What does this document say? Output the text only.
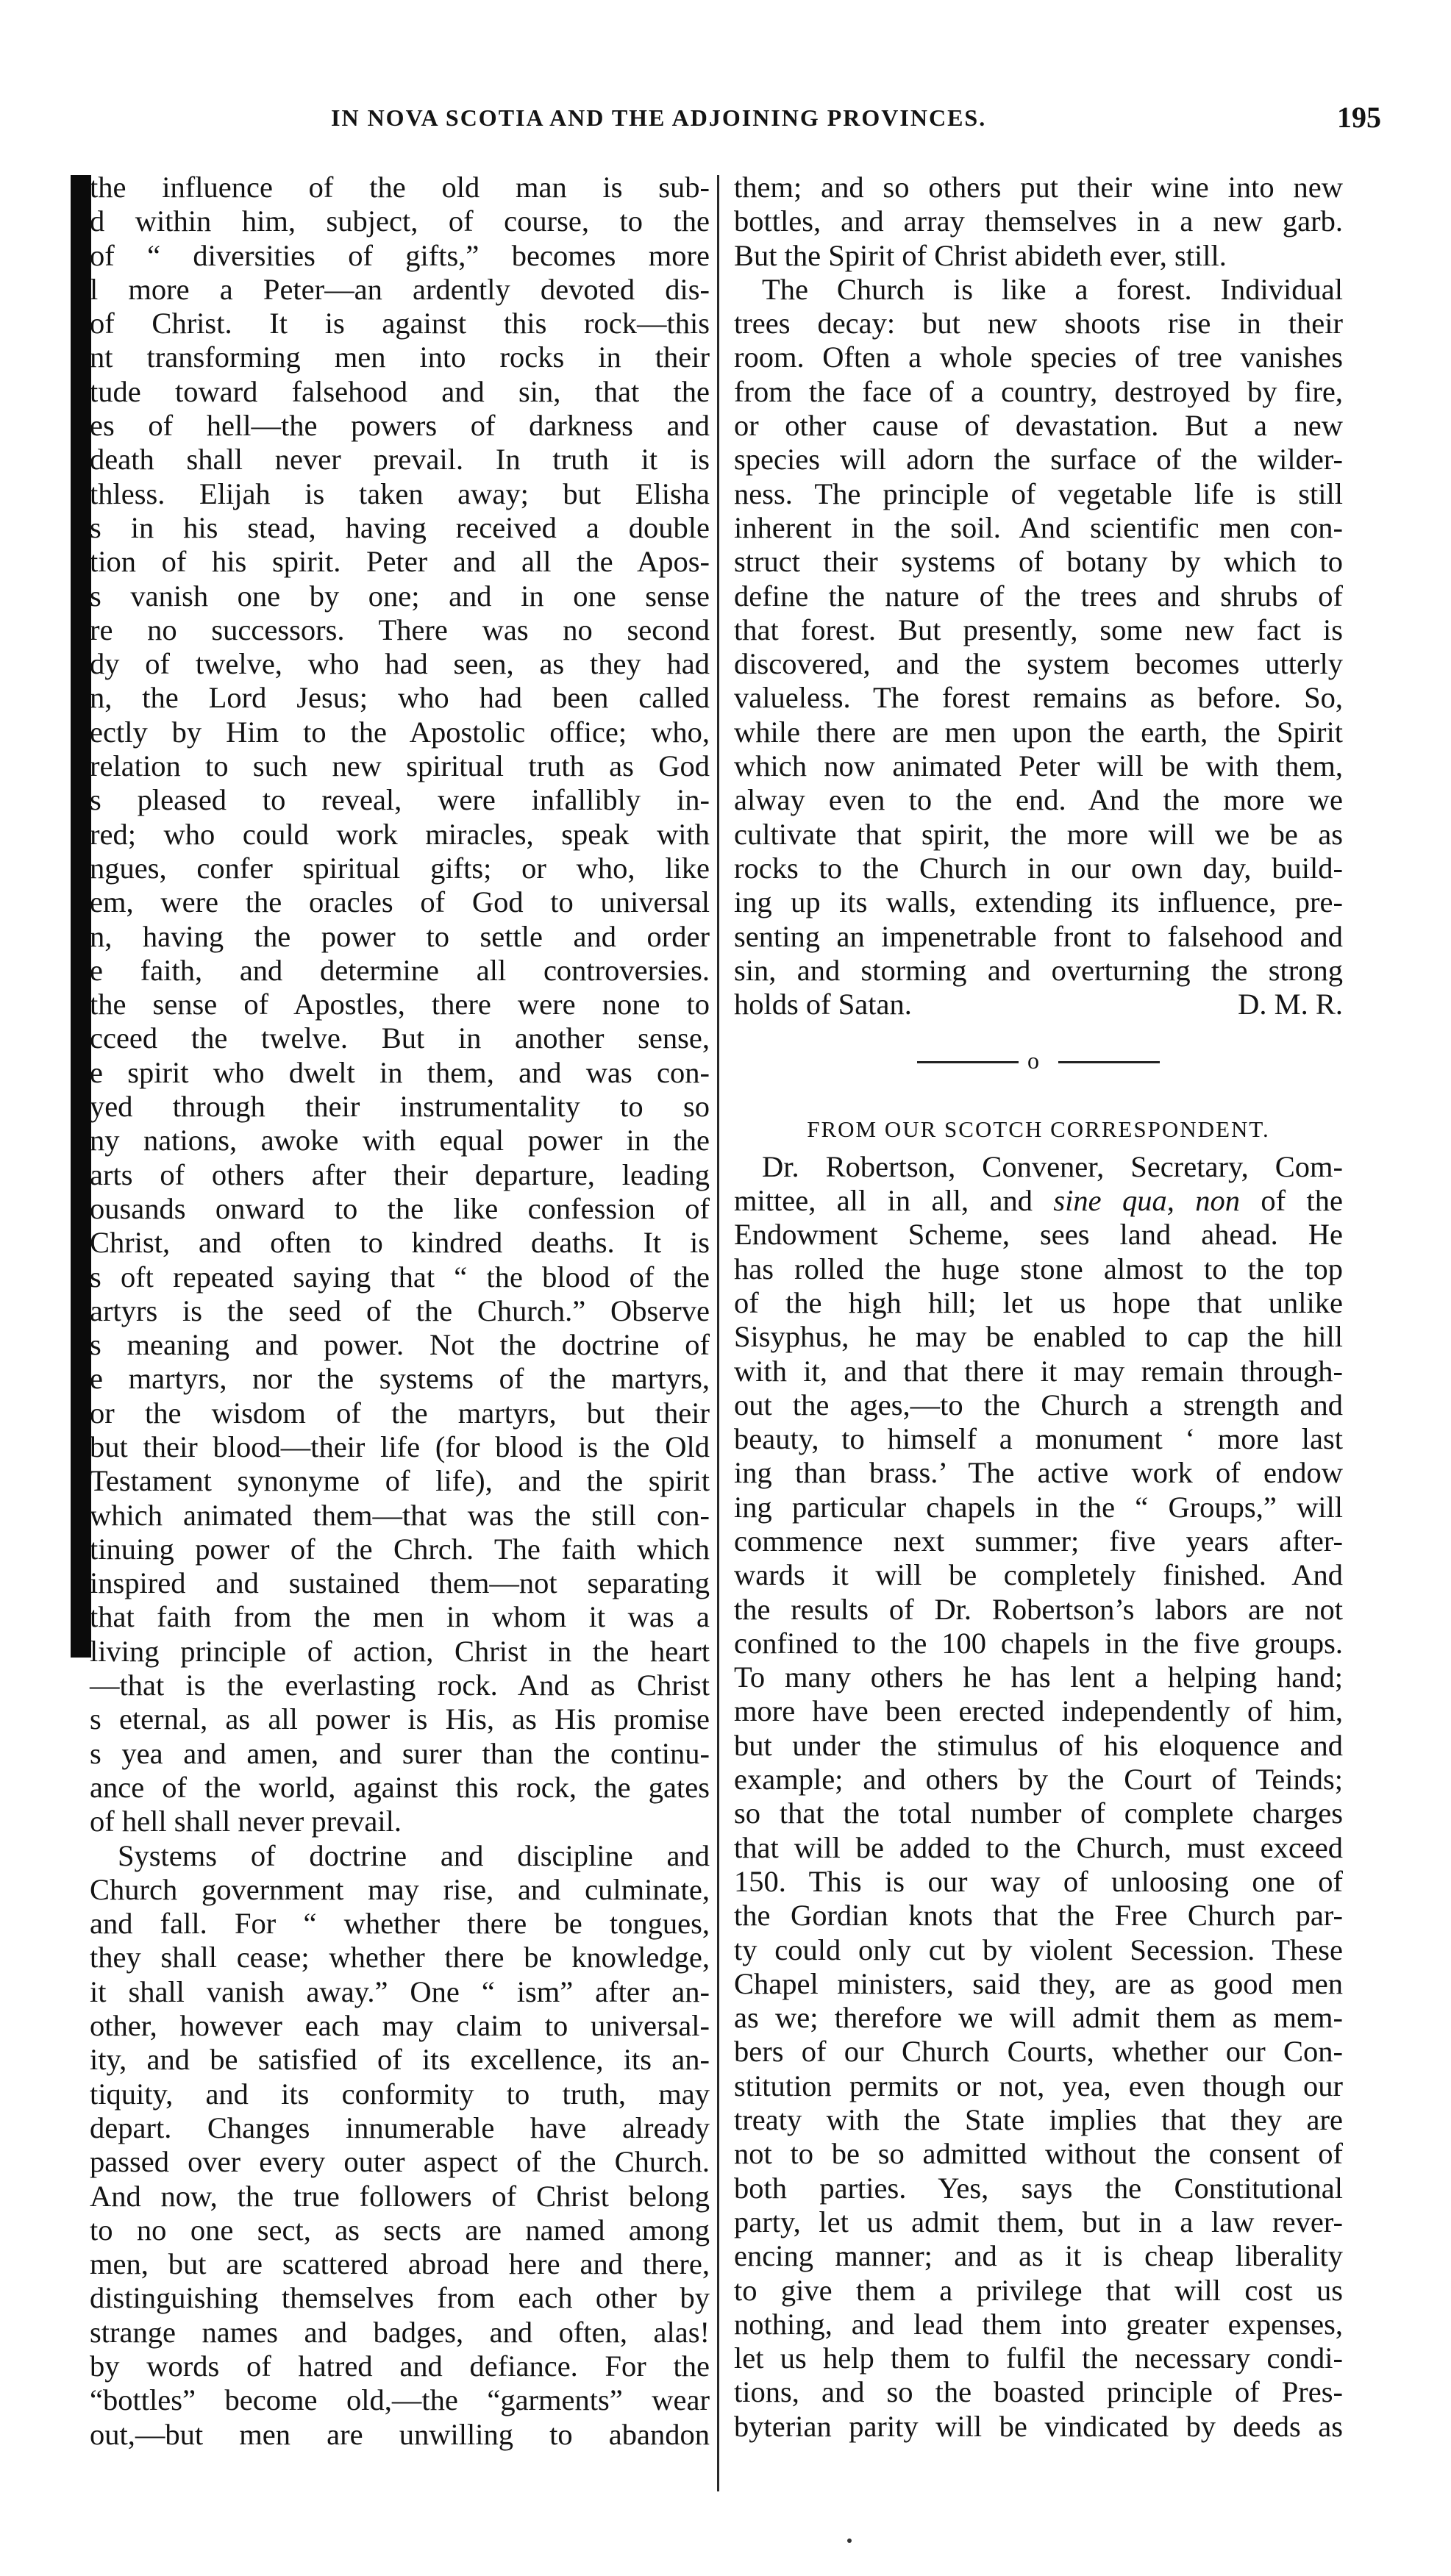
IN NOVA SCOTIA AND THE ADJOINING PROVINCES.	195
the influence of the old man is sub-
d within him, subject, of course, to the
of “ diversities of gifts,” becomes more
l more a Peter—an ardently devoted dis-
of Christ. It is against this rock—this
nt transforming men into rocks in their
tude toward falsehood and sin, that the
es of hell—the powers of darkness and
death shall never prevail. In truth it is
thless. Elijah is taken away; but Elisha
s in his stead, having received a double
tion of his spirit. Peter and all the Apos-
s vanish one by one; and in one sense
re no successors. There was no second
dy of twelve, who had seen, as they had
n, the Lord Jesus; who had been called
ectly by Him to the Apostolic office; who,
relation to such new spiritual truth as God
s pleased to reveal, were infallibly in-
red; who could work miracles, speak with
ngues, confer spiritual gifts; or who, like
em, were the oracles of God to universal
n, having the power to settle and order
e faith, and determine all controversies.
the sense of Apostles, there were none to
cceed the twelve. But in another sense,
e spirit who dwelt in them, and was con-
yed through their instrumentality to so
ny nations, awoke with equal power in the
arts of others after their departure, leading
ousands onward to the like confession of
Christ, and often to kindred deaths. It is
s oft repeated saying that “ the blood of the
artyrs is the seed of the Church.” Observe
s meaning and power. Not the doctrine of
e martyrs, nor the systems of the martyrs,
or the wisdom of the martyrs, but their
but their blood—their life (for blood is the Old
Testament synonyme of life), and the spirit
which animated them—that was the still con-
tinuing power of the Chrch. The faith which
inspired and sustained them—not separating
that faith from the men in whom it was a
living principle of action, Christ in the heart
—that is the everlasting rock. And as Christ
s eternal, as all power is His, as His promise
s yea and amen, and surer than the continu-
ance of the world, against this rock, the gates
of hell shall never prevail.
Systems of doctrine and discipline and
Church government may rise, and culminate,
and fall. For “ whether there be tongues,
they shall cease; whether there be knowledge,
it shall vanish away.” One “ ism” after an-
other, however each may claim to universal-
ity, and be satisfied of its excellence, its an-
tiquity, and its conformity to truth, may
depart. Changes innumerable have already
passed over every outer aspect of the Church.
And now, the true followers of Christ belong
to no one sect, as sects are named among
men, but are scattered abroad here and there,
distinguishing themselves from each other by
strange names and badges, and often, alas!
by words of hatred and defiance. For the
“bottles” become old,—the “garments” wear
out,—but men are unwilling to abandon
them; and so others put their wine into new
bottles, and array themselves in a new garb.
But the Spirit of Christ abideth ever, still.
The Church is like a forest. Individual
trees decay: but new shoots rise in their
room. Often a whole species of tree vanishes
from the face of a country, destroyed by fire,
or other cause of devastation. But a new
species will adorn the surface of the wilder-
ness. The principle of vegetable life is still
inherent in the soil. And scientific men con-
struct their systems of botany by which to
define the nature of the trees and shrubs of
that forest. But presently, some new fact is
discovered, and the system becomes utterly
valueless. The forest remains as before. So,
while there are men upon the earth, the Spirit
which now animated Peter will be with them,
alway even to the end. And the more we
cultivate that spirit, the more will we be as
rocks to the Church in our own day, build-
ing up its walls, extending its influence, pre-
senting an impenetrable front to falsehood and
sin, and storming and overturning the strong
holds of Satan.	D. M. R.
o
FROM OUR SCOTCH CORRESPONDENT.
Dr. Robertson, Convener, Secretary, Com-
mittee, all in all, and sine qua, non of the
Endowment Scheme, sees land ahead. He
has rolled the huge stone almost to the top
of the high hill; let us hope that unlike
Sisyphus, he may be enabled to cap the hill
with it, and that there it may remain through-
out the ages,—to the Church a strength and
beauty, to himself a monument ‘ more last
ing than brass.’ The active work of endow
ing particular chapels in the “ Groups,” will
commence next summer; five years after-
wards it will be completely finished. And
the results of Dr. Robertson’s labors are not
confined to the 100 chapels in the five groups.
To many others he has lent a helping hand;
more have been erected independently of him,
but under the stimulus of his eloquence and
example; and others by the Court of Teinds;
so that the total number of complete charges
that will be added to the Church, must exceed
150. This is our way of unloosing one of
the Gordian knots that the Free Church par-
ty could only cut by violent Secession. These
Chapel ministers, said they, are as good men
as we; therefore we will admit them as mem-
bers of our Church Courts, whether our Con-
stitution permits or not, yea, even though our
treaty with the State implies that they are
not to be so admitted without the consent of
both parties. Yes, says the Constitutional
party, let us admit them, but in a law rever-
encing manner; and as it is cheap liberality
to give them a privilege that will cost us
nothing, and lead them into greater expenses,
let us help them to fulfil the necessary condi-
tions, and so the boasted principle of Pres-
byterian parity will be vindicated by deeds as
